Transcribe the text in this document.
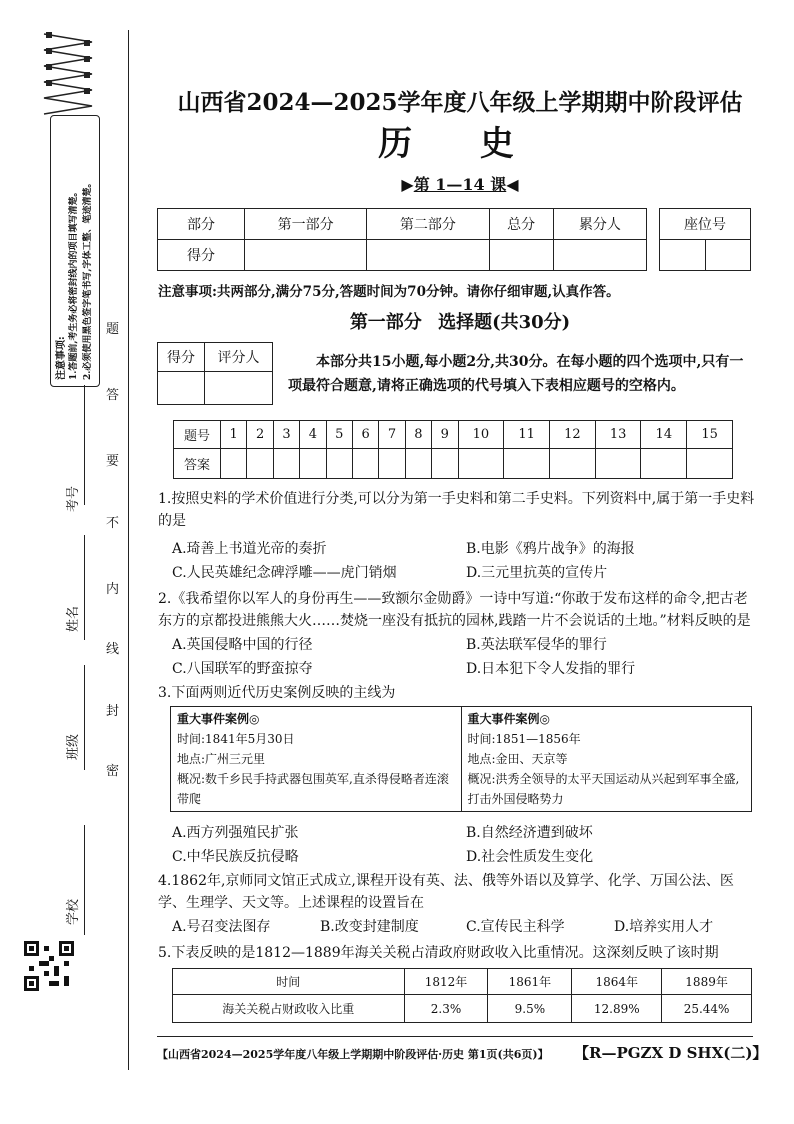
注意事项: 1.答题前,考生务必将密封线内的项目填写清楚。 2.必须使用黑色签字笔书写,字体工整、笔迹清楚。
密
封
线
内
不
要
答
题
学校
班级
姓名
考号
山西省2024—2025学年度八年级上学期期中阶段评估
历 史
▶第 1—14 课◀
部分	第一部分	第二部分	总分	累分人
得分				
座位号

注意事项:共两部分,满分75分,答题时间为70分钟。请你仔细审题,认真作答。
第一部分 选择题(共30分)
得分	评分人
		本部分共15小题,每小题2分,共30分。在每小题的四个选项中,只有一项最符合题意,请将正确选项的代号填入下表相应题号的空格内。
题号	1	2	3	4	5	6	7	8	9	10	11	12	13	14	15
答案															
1.按照史料的学术价值进行分类,可以分为第一手史料和第二手史料。下列资料中,属于第一手史料的是
A.琦善上书道光帝的奏折	B.电影《鸦片战争》的海报
C.人民英雄纪念碑浮雕——虎门销烟	D.三元里抗英的宣传片
2.《我希望你以军人的身份再生——致额尔金勋爵》一诗中写道:“你敢于发布这样的命令,把古老东方的京都投进熊熊大火……焚烧一座没有抵抗的园林,践踏一片不会说话的土地。”材料反映的是
A.英国侵略中国的行径	B.英法联军侵华的罪行
C.八国联军的野蛮掠夺	D.日本犯下令人发指的罪行
3.下面两则近代历史案例反映的主线为
重大事件案例◎
时间:1841年5月30日
地点:广州三元里
概况:数千乡民手持武器包围英军,直杀得侵略者连滚带爬

重大事件案例◎
时间:1851—1856年
地点:金田、天京等
概况:洪秀全领导的太平天国运动从兴起到军事全盛,打击外国侵略势力
A.西方列强殖民扩张	B.自然经济遭到破坏
C.中华民族反抗侵略	D.社会性质发生变化
4.1862年,京师同文馆正式成立,课程开设有英、法、俄等外语以及算学、化学、万国公法、医学、生理学、天文等。上述课程的设置旨在
A.号召变法图存	B.改变封建制度	C.宣传民主科学	D.培养实用人才
5.下表反映的是1812—1889年海关关税占清政府财政收入比重情况。这深刻反映了该时期
时间	1812年	1861年	1864年	1889年
海关关税占财政收入比重	2.3%	9.5%	12.89%	25.44%
【山西省2024—2025学年度八年级上学期期中阶段评估·历史 第1页(共6页)】 【R—PGZX D SHX(二)】
